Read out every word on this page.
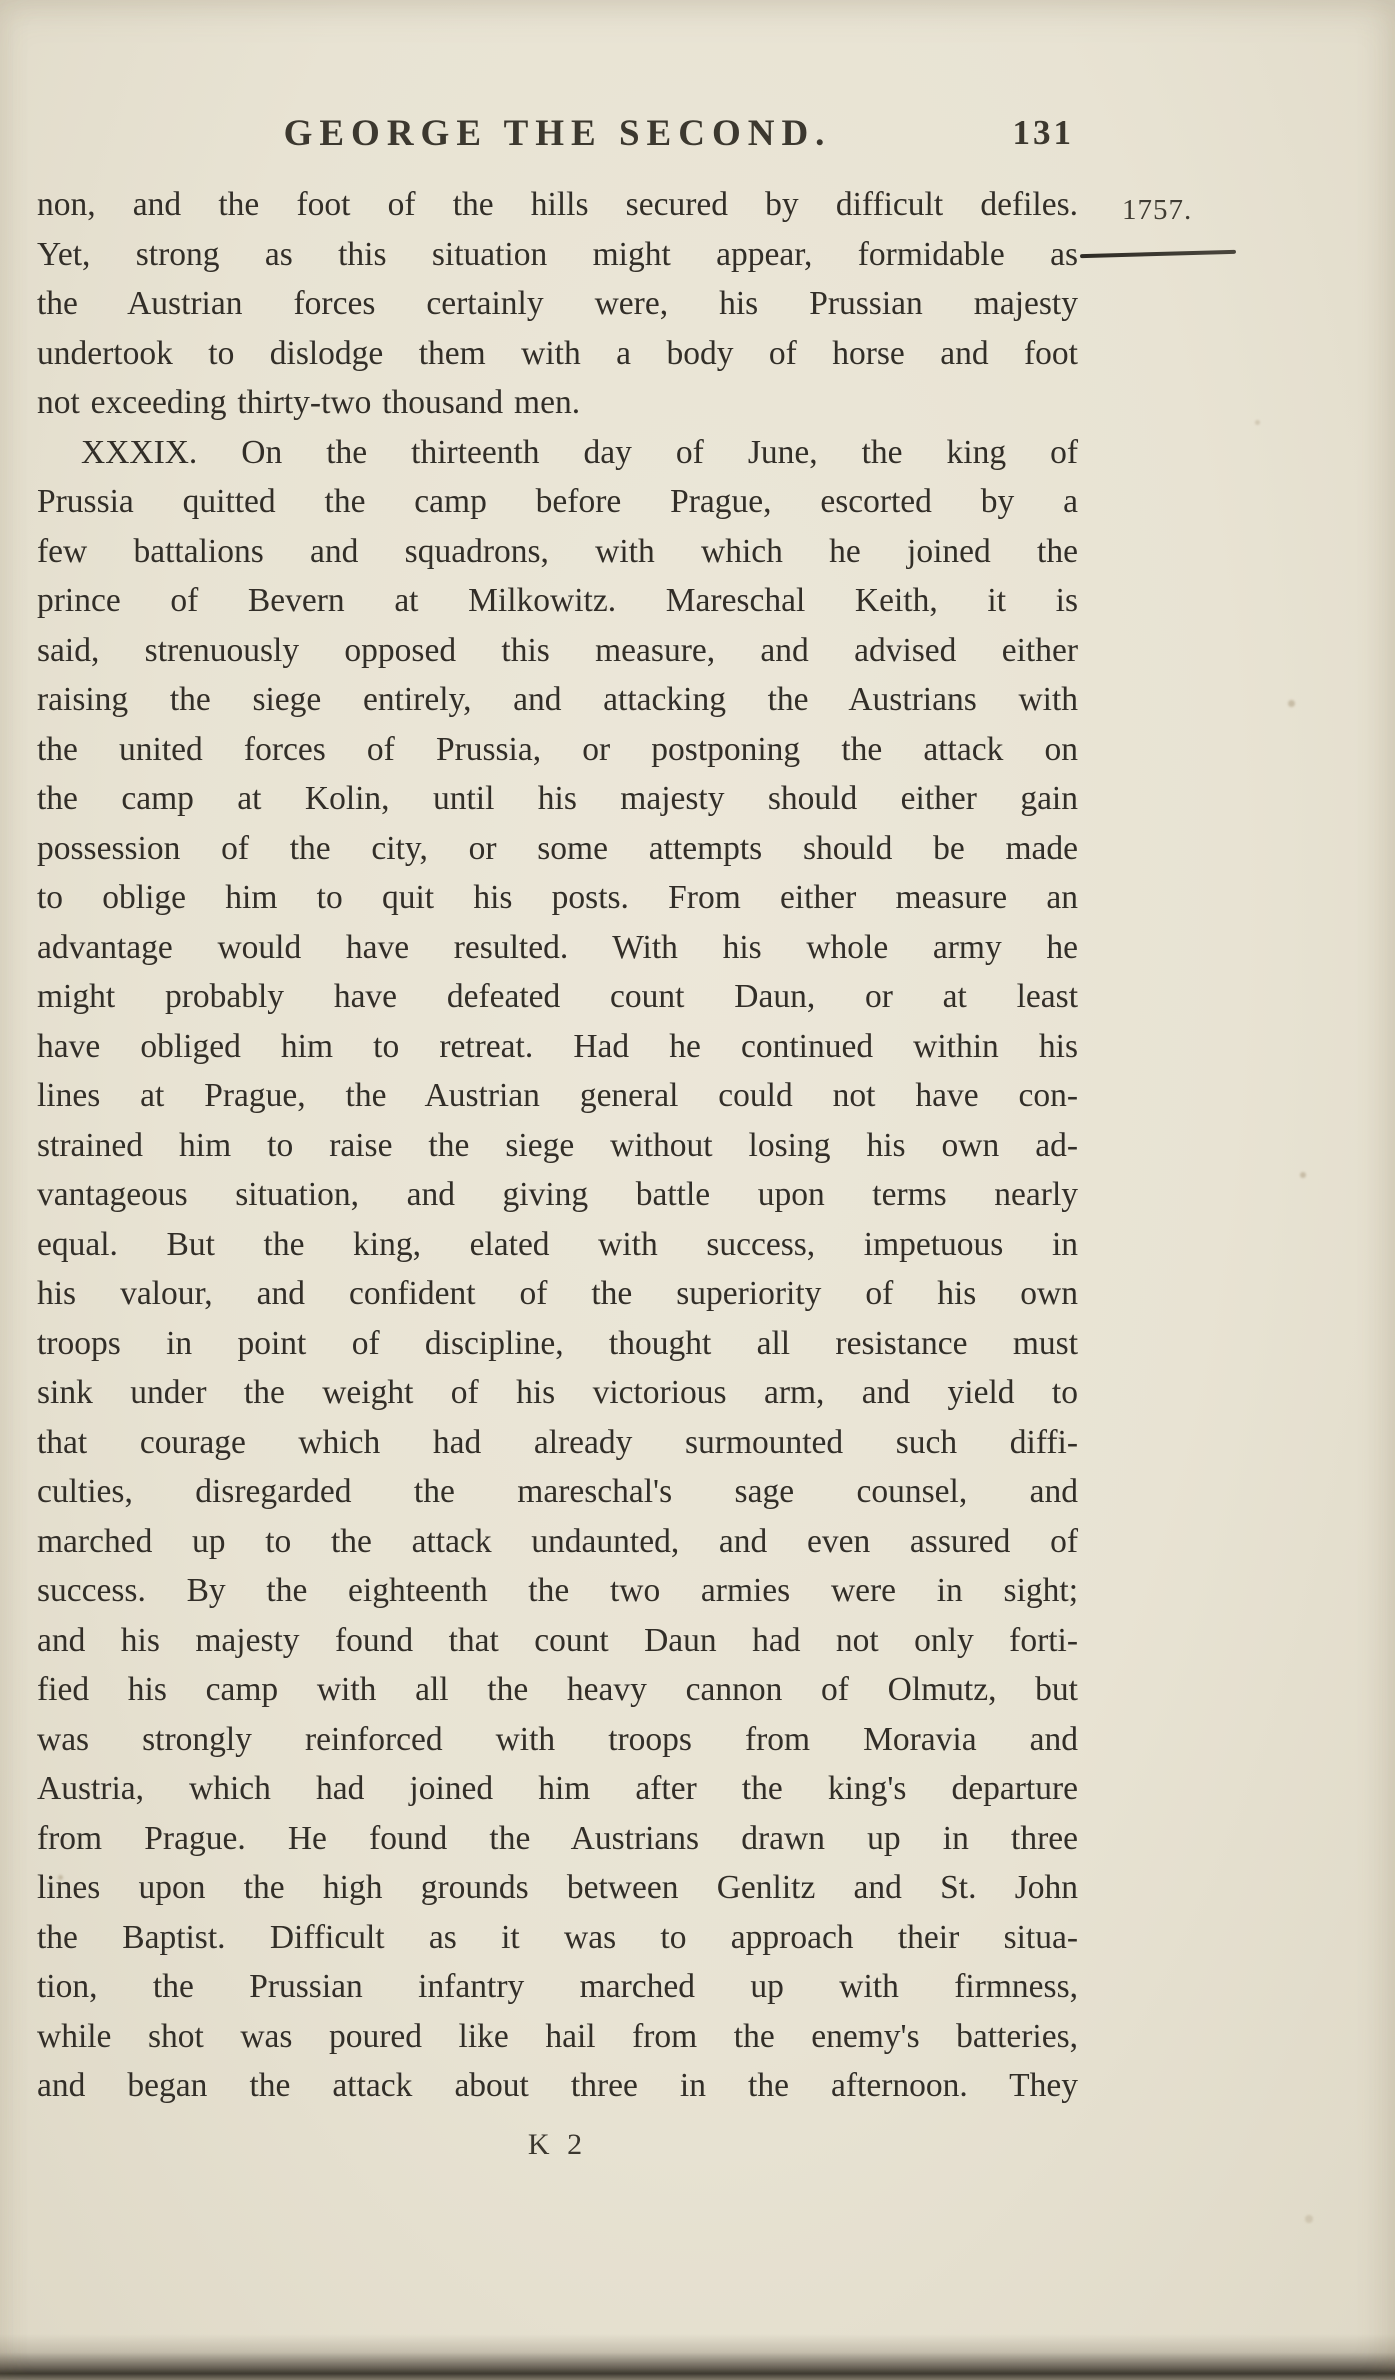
GEORGE THE SECOND.	131
1757.
non, and the foot of the hills secured by difficult defiles.
Yet, strong as this situation might appear, formidable as
the Austrian forces certainly were, his Prussian majesty
undertook to dislodge them with a body of horse and foot
not exceeding thirty-two thousand men.
XXXIX. On the thirteenth day of June, the king of
Prussia quitted the camp before Prague, escorted by a
few battalions and squadrons, with which he joined the
prince of Bevern at Milkowitz. Mareschal Keith, it is
said, strenuously opposed this measure, and advised either
raising the siege entirely, and attacking the Austrians with
the united forces of Prussia, or postponing the attack on
the camp at Kolin, until his majesty should either gain
possession of the city, or some attempts should be made
to oblige him to quit his posts. From either measure an
advantage would have resulted. With his whole army he
might probably have defeated count Daun, or at least
have obliged him to retreat. Had he continued within his
lines at Prague, the Austrian general could not have con-
strained him to raise the siege without losing his own ad-
vantageous situation, and giving battle upon terms nearly
equal. But the king, elated with success, impetuous in
his valour, and confident of the superiority of his own
troops in point of discipline, thought all resistance must
sink under the weight of his victorious arm, and yield to
that courage which had already surmounted such diffi-
culties, disregarded the mareschal's sage counsel, and
marched up to the attack undaunted, and even assured of
success. By the eighteenth the two armies were in sight;
and his majesty found that count Daun had not only forti-
fied his camp with all the heavy cannon of Olmutz, but
was strongly reinforced with troops from Moravia and
Austria, which had joined him after the king's departure
from Prague. He found the Austrians drawn up in three
lines upon the high grounds between Genlitz and St. John
the Baptist. Difficult as it was to approach their situa-
tion, the Prussian infantry marched up with firmness,
while shot was poured like hail from the enemy's batteries,
and began the attack about three in the afternoon. They
K 2
